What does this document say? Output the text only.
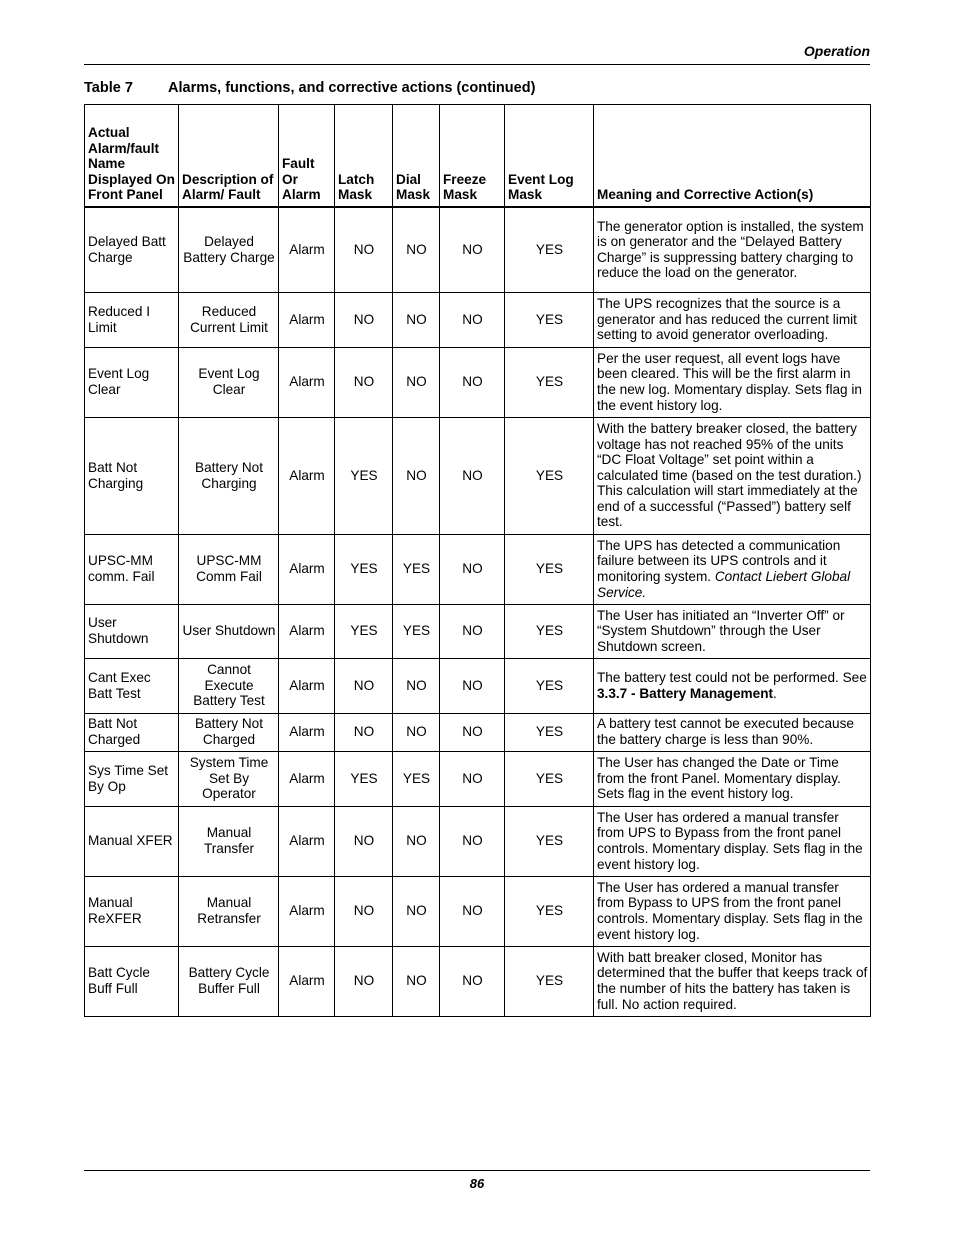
Operation
Table 7 Alarms, functions, and corrective actions (continued)
Actual Alarm/fault Name Displayed On Front Panel	Description of Alarm/ Fault	Fault Or Alarm	Latch Mask	Dial Mask	Freeze Mask	Event Log Mask	Meaning and Corrective Action(s)
Delayed Batt Charge	Delayed Battery Charge	Alarm	NO	NO	NO	YES	The generator option is installed, the system is on generator and the “Delayed Battery Charge” is suppressing battery charging to reduce the load on the generator.
Reduced I Limit	Reduced Current Limit	Alarm	NO	NO	NO	YES	The UPS recognizes that the source is a generator and has reduced the current limit setting to avoid generator overloading.
Event Log Clear	Event Log Clear	Alarm	NO	NO	NO	YES	Per the user request, all event logs have been cleared. This will be the first alarm in the new log. Momentary display. Sets flag in the event history log.
Batt Not Charging	Battery Not Charging	Alarm	YES	NO	NO	YES	With the battery breaker closed, the battery voltage has not reached 95% of the units “DC Float Voltage” set point within a calculated time (based on the test duration.) This calculation will start immediately at the end of a successful (“Passed”) battery self test.
UPSC-MM comm. Fail	UPSC-MM Comm Fail	Alarm	YES	YES	NO	YES	The UPS has detected a communication failure between its UPS controls and it monitoring system. Contact Liebert Global Service.
User Shutdown	User Shutdown	Alarm	YES	YES	NO	YES	The User has initiated an “Inverter Off” or “System Shutdown” through the User Shutdown screen.
Cant Exec Batt Test	Cannot Execute Battery Test	Alarm	NO	NO	NO	YES	The battery test could not be performed. See 3.3.7 - Battery Management.
Batt Not Charged	Battery Not Charged	Alarm	NO	NO	NO	YES	A battery test cannot be executed because the battery charge is less than 90%.
Sys Time Set By Op	System Time Set By Operator	Alarm	YES	YES	NO	YES	The User has changed the Date or Time from the front Panel. Momentary display. Sets flag in the event history log.
Manual XFER	Manual Transfer	Alarm	NO	NO	NO	YES	The User has ordered a manual transfer from UPS to Bypass from the front panel controls. Momentary display. Sets flag in the event history log.
Manual ReXFER	Manual Retransfer	Alarm	NO	NO	NO	YES	The User has ordered a manual transfer from Bypass to UPS from the front panel controls. Momentary display. Sets flag in the event history log.
Batt Cycle Buff Full	Battery Cycle Buffer Full	Alarm	NO	NO	NO	YES	With batt breaker closed, Monitor has determined that the buffer that keeps track of the number of hits the battery has taken is full. No action required.
86
